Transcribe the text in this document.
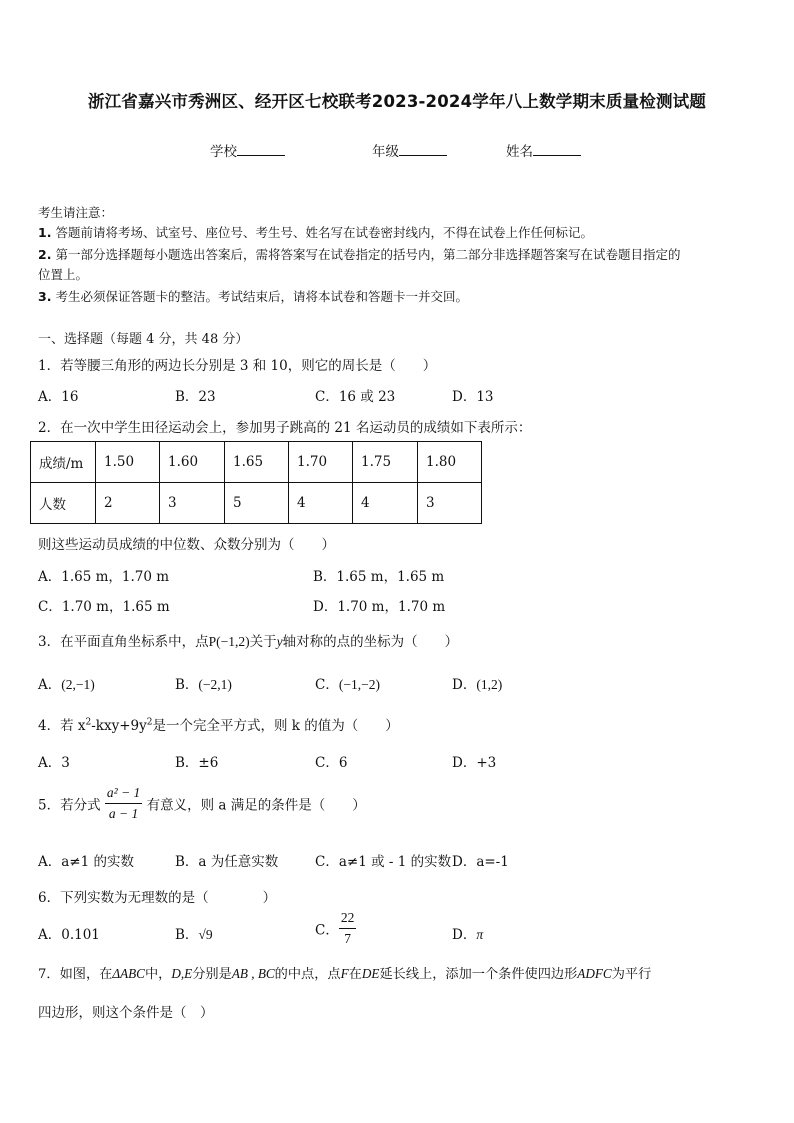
浙江省嘉兴市秀洲区、经开区七校联考2023-2024学年八上数学期末质量检测试题
学校	年级	姓名
考生请注意：
1. 答题前请将考场、试室号、座位号、考生号、姓名写在试卷密封线内，不得在试卷上作任何标记。
2. 第一部分选择题每小题选出答案后，需将答案写在试卷指定的括号内，第二部分非选择题答案写在试卷题目指定的
位置上。
3. 考生必须保证答题卡的整洁。考试结束后，请将本试卷和答题卡一并交回。
一、选择题（每题 4 分，共 48 分）
1．若等腰三角形的两边长分别是 3 和 10，则它的周长是（　　）
A．16	B．23	C．16 或 23	D．13
2．在一次中学生田径运动会上，参加男子跳高的 21 名运动员的成绩如下表所示：
成绩/m	1.50	1.60	1.65	1.70	1.75	1.80
人数	2	3	5	4	4	3
则这些运动员成绩的中位数、众数分别为（　　）
A．1.65 m，1.70 m	B．1.65 m，1.65 m
C．1.70 m，1.65 m	D．1.70 m，1.70 m
3．在平面直角坐标系中，点P(−1,2)关于y轴对称的点的坐标为（　　）
A．(2,−1)	B．(−2,1)	C．(−1,−2)	D．(1,2)
4．若 $x^2-kxy+9y^2$是一个完全平方式，则 k 的值为（　　）
A．3	B．±6	C．6	D．+3
5．若分式 $\frac{\text{a² − 1}}{a - 1}$ 有意义，则 a 满足的条件是（　　）
A．a≠1 的实数	B．a 为任意实数	C．a≠1 或 - 1 的实数 D．a=-1
6．下列实数为无理数的是（　　　　）
A．0.101	B．√9	C． $\frac{22}{7}$	D．π
7．如图，在ΔABC中，D,E分别是AB , BC的中点，点F在DE延长线上，添加一个条件使四边形ADFC为平行
四边形，则这个条件是（　）
